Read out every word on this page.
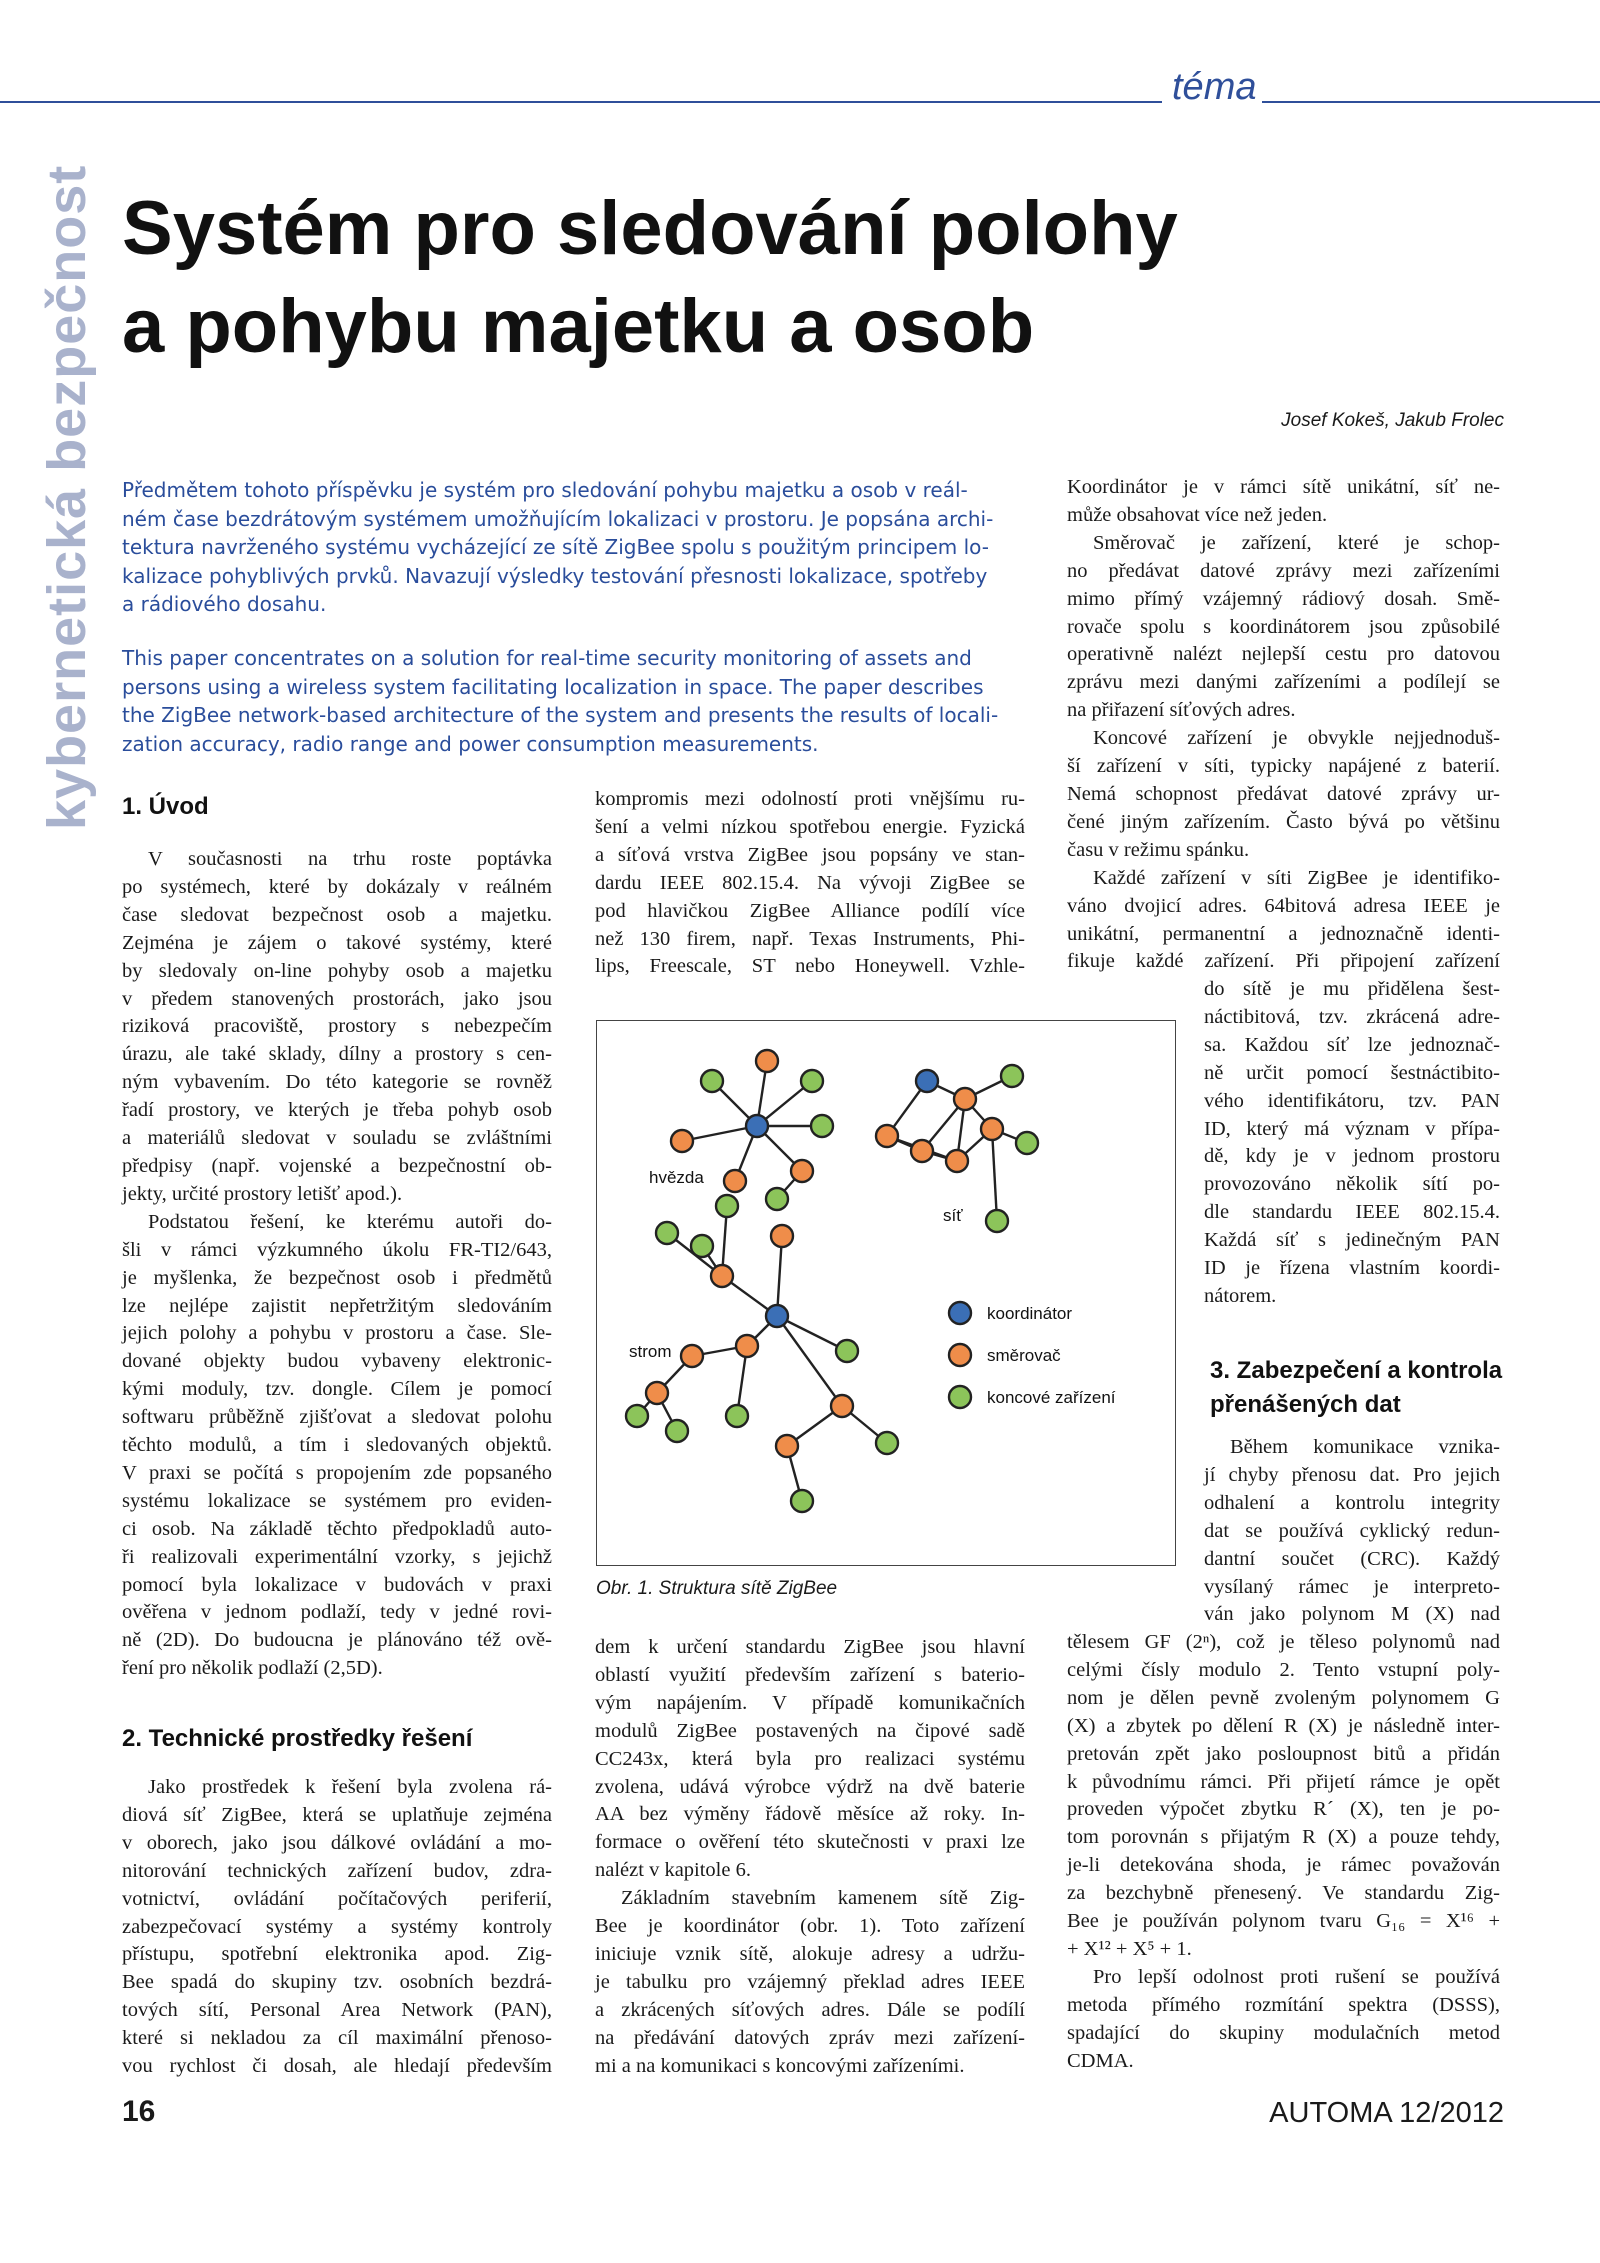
téma
kybernetická bezpečnost Systém pro sledování polohy
a pohybu majetku a osob
Josef Kokeš, Jakub Frolec
Předmětem tohoto příspěvku je systém pro sledování pohybu majetku a osob v reál-
ném čase bezdrátovým systémem umožňujícím lokalizaci v prostoru. Je popsána archi-
tektura navrženého systému vycházející ze sítě ZigBee spolu s použitým principem lo-
kalizace pohyblivých prvků. Navazují výsledky testování přesnosti lokalizace, spotřeby
a rádiového dosahu.
This paper concentrates on a solution for real-time security monitoring of assets and
persons using a wireless system facilitating localization in space. The paper describes
the ZigBee network-based architecture of the system and presents the results of locali-
zation accuracy, radio range and power consumption measurements.
1. Úvod
V současnosti na trhu roste poptávka
po systémech, které by dokázaly v reálném
čase sledovat bezpečnost osob a majetku.
Zejména je zájem o takové systémy, které
by sledovaly on-line pohyby osob a majetku
v předem stanovených prostorách, jako jsou
riziková pracoviště, prostory s nebezpečím
úrazu, ale také sklady, dílny a prostory s cen-
ným vybavením. Do této kategorie se rovněž
řadí prostory, ve kterých je třeba pohyb osob
a materiálů sledovat v souladu se zvláštními
předpisy (např. vojenské a bezpečnostní ob-
jekty, určité prostory letišť apod.).
Podstatou řešení, ke kterému autoři do-
šli v rámci výzkumného úkolu FR-TI2/643,
je myšlenka, že bezpečnost osob i předmětů
lze nejlépe zajistit nepřetržitým sledováním
jejich polohy a pohybu v prostoru a čase. Sle-
dované objekty budou vybaveny elektronic-
kými moduly, tzv. dongle. Cílem je pomocí
softwaru průběžně zjišťovat a sledovat polohu
těchto modulů, a tím i sledovaných objektů.
V praxi se počítá s propojením zde popsaného
systému lokalizace se systémem pro eviden-
ci osob. Na základě těchto předpokladů auto-
ři realizovali experimentální vzorky, s jejichž
pomocí byla lokalizace v budovách v praxi
ověřena v jednom podlaží, tedy v jedné rovi-
ně (2D). Do budoucna je plánováno též ově-
ření pro několik podlaží (2,5D).
2. Technické prostředky řešení
Jako prostředek k řešení byla zvolena rá-
diová síť ZigBee, která se uplatňuje zejména
v oborech, jako jsou dálkové ovládání a mo-
nitorování technických zařízení budov, zdra-
votnictví, ovládání počítačových periferií,
zabezpečovací systémy a systémy kontroly
přístupu, spotřební elektronika apod. Zig-
Bee spadá do skupiny tzv. osobních bezdrá-
tových sítí, Personal Area Network (PAN),
které si nekladou za cíl maximální přenoso-
vou rychlost či dosah, ale hledají především
kompromis mezi odolností proti vnějšímu ru-
šení a velmi nízkou spotřebou energie. Fyzická
a síťová vrstva ZigBee jsou popsány ve stan-
dardu IEEE 802.15.4. Na vývoji ZigBee se
pod hlavičkou ZigBee Alliance podílí více
než 130 firem, např. Texas Instruments, Phi-
lips, Freescale, ST nebo Honeywell. Vzhle-
hvězda
síť
strom
koordinátor
směrovač
koncové zařízení
Obr. 1. Struktura sítě ZigBee
dem k určení standardu ZigBee jsou hlavní
oblastí využití především zařízení s baterio-
vým napájením. V případě komunikačních
modulů ZigBee postavených na čipové sadě
CC243x, která byla pro realizaci systému
zvolena, udává výrobce výdrž na dvě baterie
AA bez výměny řádově měsíce až roky. In-
formace o ověření této skutečnosti v praxi lze
nalézt v kapitole 6.
Základním stavebním kamenem sítě Zig-
Bee je koordinátor (obr. 1). Toto zařízení
iniciuje vznik sítě, alokuje adresy a udržu-
je tabulku pro vzájemný překlad adres IEEE
a zkrácených síťových adres. Dále se podílí
na předávání datových zpráv mezi zařízení-
mi a na komunikaci s koncovými zařízeními.
Koordinátor je v rámci sítě unikátní, síť ne-
může obsahovat více než jeden.
Směrovač je zařízení, které je schop-
no předávat datové zprávy mezi zařízeními
mimo přímý vzájemný rádiový dosah. Smě-
rovače spolu s koordinátorem jsou způsobilé
operativně nalézt nejlepší cestu pro datovou
zprávu mezi danými zařízeními a podílejí se
na přiřazení síťových adres.
Koncové zařízení je obvykle nejjednoduš-
ší zařízení v síti, typicky napájené z baterií.
Nemá schopnost předávat datové zprávy ur-
čené jiným zařízením. Často bývá po většinu
času v režimu spánku.
Každé zařízení v síti ZigBee je identifiko-
váno dvojicí adres. 64bitová adresa IEEE je
unikátní, permanentní a jednoznačně identi-
fikuje každé zařízení. Při připojení zařízení
do sítě je mu přidělena šest-
náctibitová, tzv. zkrácená adre-
sa. Každou síť lze jednoznač-
ně určit pomocí šestnáctibito-
vého identifikátoru, tzv. PAN
ID, který má význam v přípa-
dě, kdy je v jednom prostoru
provozováno několik sítí po-
dle standardu IEEE 802.15.4.
Každá síť s jedinečným PAN
ID je řízena vlastním koordi-
nátorem.
3. Zabezpečení a kontrola
přenášených dat
Během komunikace vznika-
jí chyby přenosu dat. Pro jejich
odhalení a kontrolu integrity
dat se používá cyklický redun-
dantní součet (CRC). Každý
vysílaný rámec je interpreto-
ván jako polynom M (X) nad
tělesem GF (2ⁿ), což je těleso polynomů nad
celými čísly modulo 2. Tento vstupní poly-
nom je dělen pevně zvoleným polynomem G
(X) a zbytek po dělení R (X) je následně inter-
pretován zpět jako posloupnost bitů a přidán
k původnímu rámci. Při přijetí rámce je opět
proveden výpočet zbytku R´ (X), ten je po-
tom porovnán s přijatým R (X) a pouze tehdy,
je-li detekována shoda, je rámec považován
za bezchybně přenesený. Ve standardu Zig-
Bee je používán polynom tvaru G₁₆ = X¹⁶ +
+ X¹² + X⁵ + 1.
Pro lepší odolnost proti rušení se používá
metoda přímého rozmítání spektra (DSSS),
spadající do skupiny modulačních metod
CDMA.
16	AUTOMA 12/2012
